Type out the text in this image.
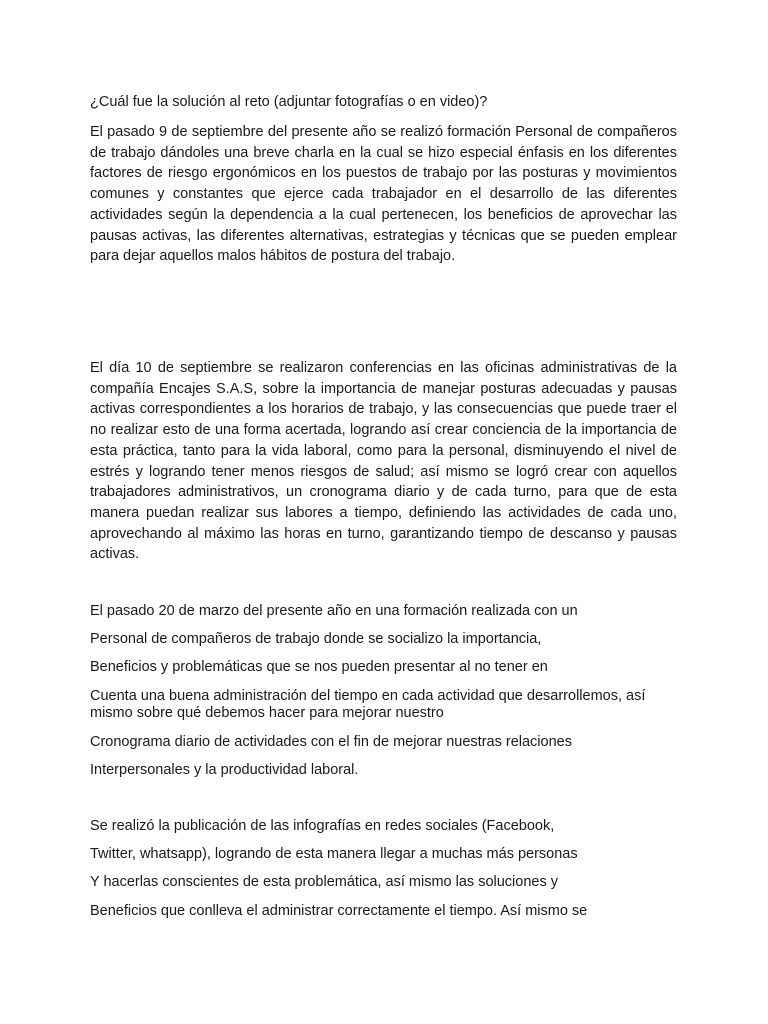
¿Cuál fue la solución al reto (adjuntar fotografías o en video)?
El pasado 9 de septiembre del presente año se realizó formación Personal de compañeros de trabajo dándoles una breve charla en la cual se hizo especial énfasis en los diferentes factores de riesgo ergonómicos en los puestos de trabajo por las posturas y movimientos comunes y constantes que ejerce cada trabajador en el desarrollo de las diferentes actividades según la dependencia a la cual pertenecen, los beneficios de aprovechar las pausas activas, las diferentes alternativas, estrategias y técnicas que se pueden emplear para dejar aquellos malos hábitos de postura del trabajo.
El día 10 de septiembre se realizaron conferencias en las oficinas administrativas de la compañía Encajes S.A.S, sobre la importancia de manejar posturas adecuadas y pausas activas correspondientes a los horarios de trabajo, y las consecuencias que puede traer el no realizar esto de una forma acertada, logrando así crear conciencia de la importancia de esta práctica, tanto para la vida laboral, como para la personal, disminuyendo el nivel de estrés y logrando tener menos riesgos de salud; así mismo se logró crear con aquellos trabajadores administrativos, un cronograma diario y de cada turno, para que de esta manera puedan realizar sus labores a tiempo, definiendo las actividades de cada uno, aprovechando al máximo las horas en turno, garantizando tiempo de descanso y pausas activas.
El pasado 20 de marzo del presente año en una formación realizada con un
Personal de compañeros de trabajo donde se socializo la importancia,
Beneficios y problemáticas que se nos pueden presentar al no tener en
Cuenta una buena administración del tiempo en cada actividad que desarrollemos, así mismo sobre qué debemos hacer para mejorar nuestro
Cronograma diario de actividades con el fin de mejorar nuestras relaciones
Interpersonales y la productividad laboral.
Se realizó la publicación de las infografías en redes sociales (Facebook,
Twitter, whatsapp), logrando de esta manera llegar a muchas más personas
Y hacerlas conscientes de esta problemática, así mismo las soluciones y
Beneficios que conlleva el administrar correctamente el tiempo. Así mismo se
